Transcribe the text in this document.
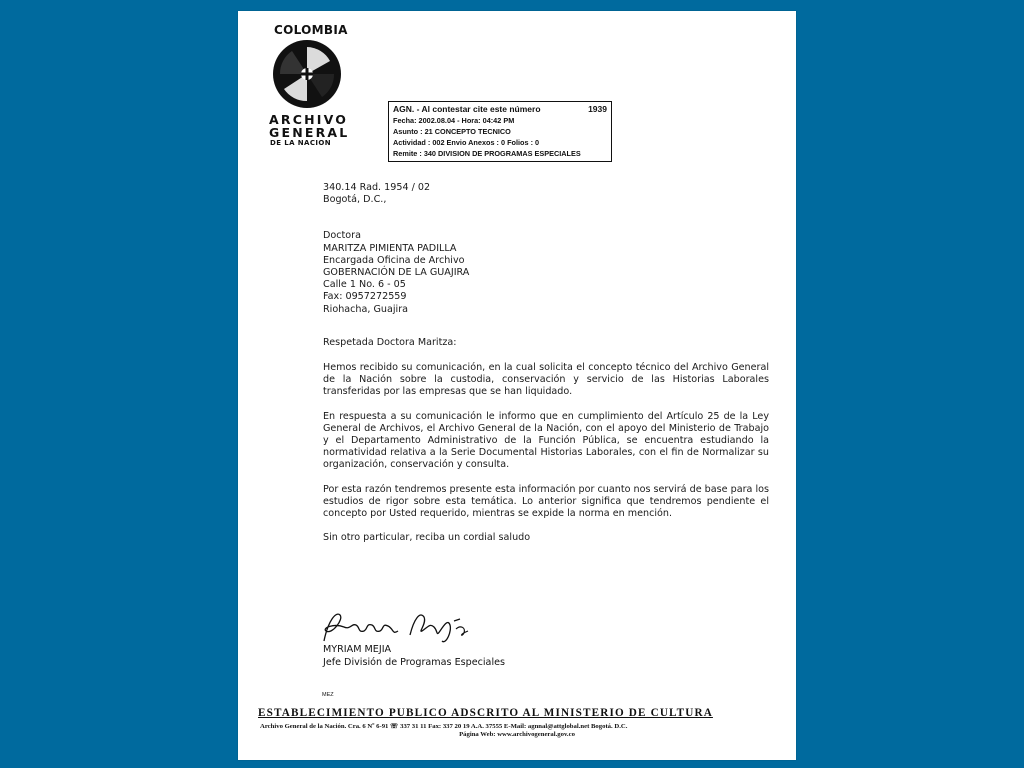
COLOMBIA
ARCHIVO
GENERAL
DE LA NACION
AGN. - Al contestar cite este número	1939
Fecha: 2002.08.04 - Hora: 04:42 PM
Asunto : 21 CONCEPTO TECNICO
Actividad : 002 Envio Anexos : 0 Folios : 0
Remite : 340 DIVISION DE PROGRAMAS ESPECIALES
340.14 Rad. 1954 / 02
Bogotá, D.C.,
Doctora
MARITZA PIMIENTA PADILLA
Encargada Oficina de Archivo
GOBERNACIÓN DE LA GUAJIRA
Calle 1 No. 6 - 05
Fax: 0957272559
Riohacha, Guajira
Respetada Doctora Maritza:

Hemos recibido su comunicación, en la cual solicita el concepto técnico del Archivo General de la Nación sobre la custodia, conservación y servicio de las Historias Laborales transferidas por las empresas que se han liquidado.

En respuesta a su comunicación le informo que en cumplimiento del Artículo 25 de la Ley General de Archivos, el Archivo General de la Nación, con el apoyo del Ministerio de Trabajo y el Departamento Administrativo de la Función Pública, se encuentra estudiando la normatividad relativa a la Serie Documental Historias Laborales, con el fin de Normalizar su organización, conservación y consulta.

Por esta razón tendremos presente esta información por cuanto nos servirá de base para los estudios de rigor sobre esta temática. Lo anterior significa que tendremos pendiente el concepto por Usted requerido, mientras se expide la norma en mención.

Sin otro particular, reciba un cordial saludo
MYRIAM MEJIA
Jefe División de Programas Especiales
MEZ
ESTABLECIMIENTO PUBLICO ADSCRITO AL MINISTERIO DE CULTURA
Archivo General de la Nación. Cra. 6 Nº 6-91 ☏ 337 31 11 Fax: 337 20 19 A.A. 37555 E-Mail: agnnal@attglobal.net Bogotá. D.C.
Página Web: www.archivogeneral.gov.co
